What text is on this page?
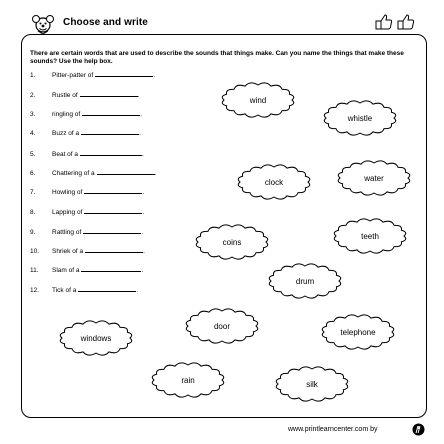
Choose and write
There are certain words that are used to describe the sounds that things make. Can you name the things that make these sounds? Use the help box.
1.	Pitter-patter of	.
2.	Rustle of	.
3.	ringling of	.
4.	Buzz of a	.
5.	Beat of a	.
6.	Chattering of a	.
7.	Howling of	.
8.	Lapping of	.
9.	Rattling of	.
10. Shriek of a	.
11. Slam of a	.
12. Tick of a	.
wind
whistle
clock	water
coins
teeth
drum
door
windows
telephone
rain	silk
www.printlearncenter.com by
